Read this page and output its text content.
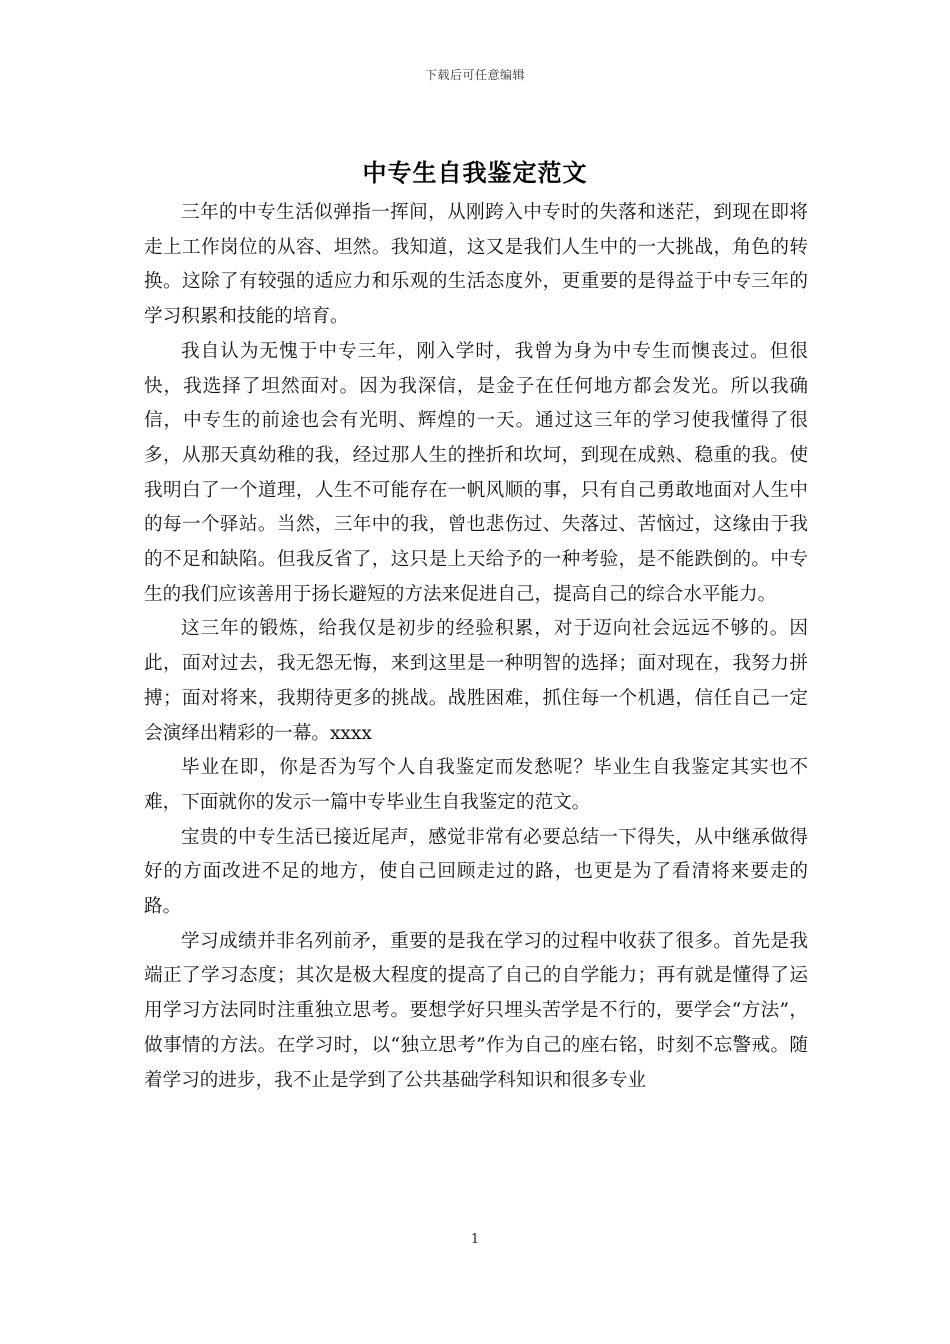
下载后可任意编辑
中专生自我鉴定范文

三年的中专生活似弹指一挥间，从刚跨入中专时的失落和迷茫，到现在即将走上工作岗位的从容、坦然。我知道，这又是我们人生中的一大挑战，角色的转换。这除了有较强的适应力和乐观的生活态度外，更重要的是得益于中专三年的学习积累和技能的培育。

我自认为无愧于中专三年，刚入学时，我曾为身为中专生而懊丧过。但很快，我选择了坦然面对。因为我深信，是金子在任何地方都会发光。所以我确信，中专生的前途也会有光明、辉煌的一天。通过这三年的学习使我懂得了很多，从那天真幼稚的我，经过那人生的挫折和坎坷，到现在成熟、稳重的我。使我明白了一个道理，人生不可能存在一帆风顺的事，只有自己勇敢地面对人生中的每一个驿站。当然，三年中的我，曾也悲伤过、失落过、苦恼过，这缘由于我的不足和缺陷。但我反省了，这只是上天给予的一种考验，是不能跌倒的。中专生的我们应该善用于扬长避短的方法来促进自己，提高自己的综合水平能力。

这三年的锻炼，给我仅是初步的经验积累，对于迈向社会远远不够的。因此，面对过去，我无怨无悔，来到这里是一种明智的选择；面对现在，我努力拼搏；面对将来，我期待更多的挑战。战胜困难，抓住每一个机遇，信任自己一定会演绎出精彩的一幕。xxxx

毕业在即，你是否为写个人自我鉴定而发愁呢？毕业生自我鉴定其实也不难，下面就你的发示一篇中专毕业生自我鉴定的范文。

宝贵的中专生活已接近尾声，感觉非常有必要总结一下得失，从中继承做得好的方面改进不足的地方，使自己回顾走过的路，也更是为了看清将来要走的路。

学习成绩并非名列前矛，重要的是我在学习的过程中收获了很多。首先是我端正了学习态度；其次是极大程度的提高了自己的自学能力；再有就是懂得了运用学习方法同时注重独立思考。要想学好只埋头苦学是不行的，要学会“方法”，做事情的方法。在学习时，以“独立思考”作为自己的座右铭，时刻不忘警戒。随着学习的进步，我不止是学到了公共基础学科知识和很多专业

1
